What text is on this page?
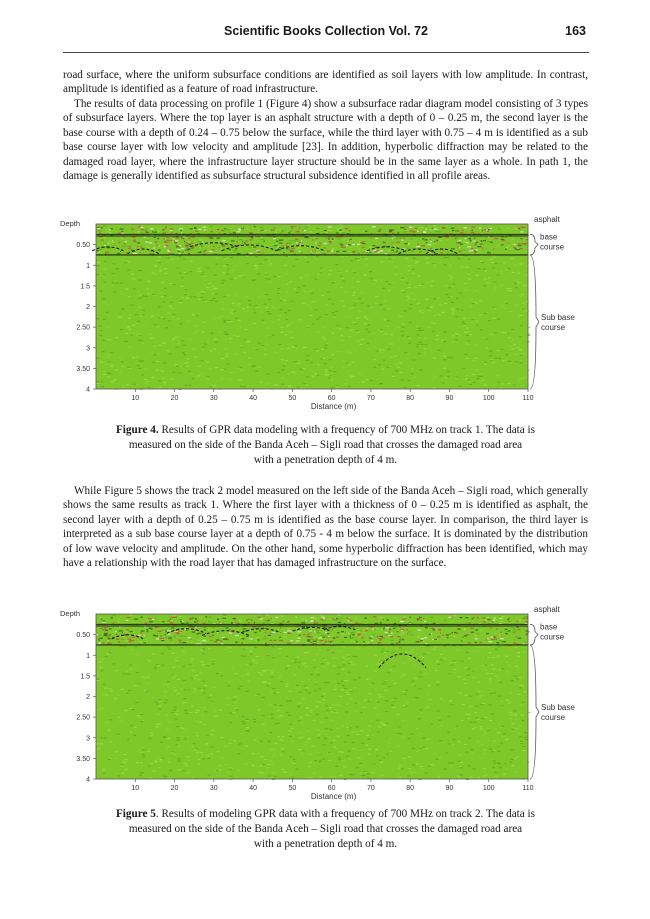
Scientific Books Collection Vol. 72	163

road surface, where the uniform subsurface conditions are identified as soil layers with low amplitude. In contrast, amplitude is identified as a feature of road infrastructure.

The results of data processing on profile 1 (Figure 4) show a subsurface radar diagram model consisting of 3 types of subsurface layers. Where the top layer is an asphalt structure with a depth of 0 – 0.25 m, the second layer is the base course with a depth of 0.24 – 0.75 below the surface, while the third layer with 0.75 – 4 m is identified as a sub base course layer with low velocity and amplitude [23]. In addition, hyperbolic diffraction may be related to the damaged road layer, where the infrastructure layer structure should be in the same layer as a whole. In path 1, the damage is generally identified as subsurface structural subsidence identified in all profile areas.

Depth
0.50
1
1.5
2
2.50
3
3.50
4
10	20	30	40	50	60	70	80	90	100	110
Distance (m)
asphalt
base
course
Sub base
course

Figure 4. Results of GPR data modeling with a frequency of 700 MHz on track 1. The data is
measured on the side of the Banda Aceh – Sigli road that crosses the damaged road area
with a penetration depth of 4 m.

While Figure 5 shows the track 2 model measured on the left side of the Banda Aceh – Sigli road, which generally shows the same results as track 1. Where the first layer with a thickness of 0 – 0.25 m is identified as asphalt, the second layer with a depth of 0.25 – 0.75 m is identified as the base course layer. In comparison, the third layer is interpreted as a sub base course layer at a depth of 0.75 - 4 m below the surface. It is dominated by the distribution of low wave velocity and amplitude. On the other hand, some hyperbolic diffraction has been identified, which may have a relationship with the road layer that has damaged infrastructure on the surface.

Depth
0.50
1
1.5
2
2.50
3
3.50
4
10	20	30	40	50	60	70	80	90	100	110
Distance (m)
asphalt
base
course
Sub base
course

Figure 5. Results of modeling GPR data with a frequency of 700 MHz on track 2. The data is
measured on the side of the Banda Aceh – Sigli road that crosses the damaged road area
with a penetration depth of 4 m.
